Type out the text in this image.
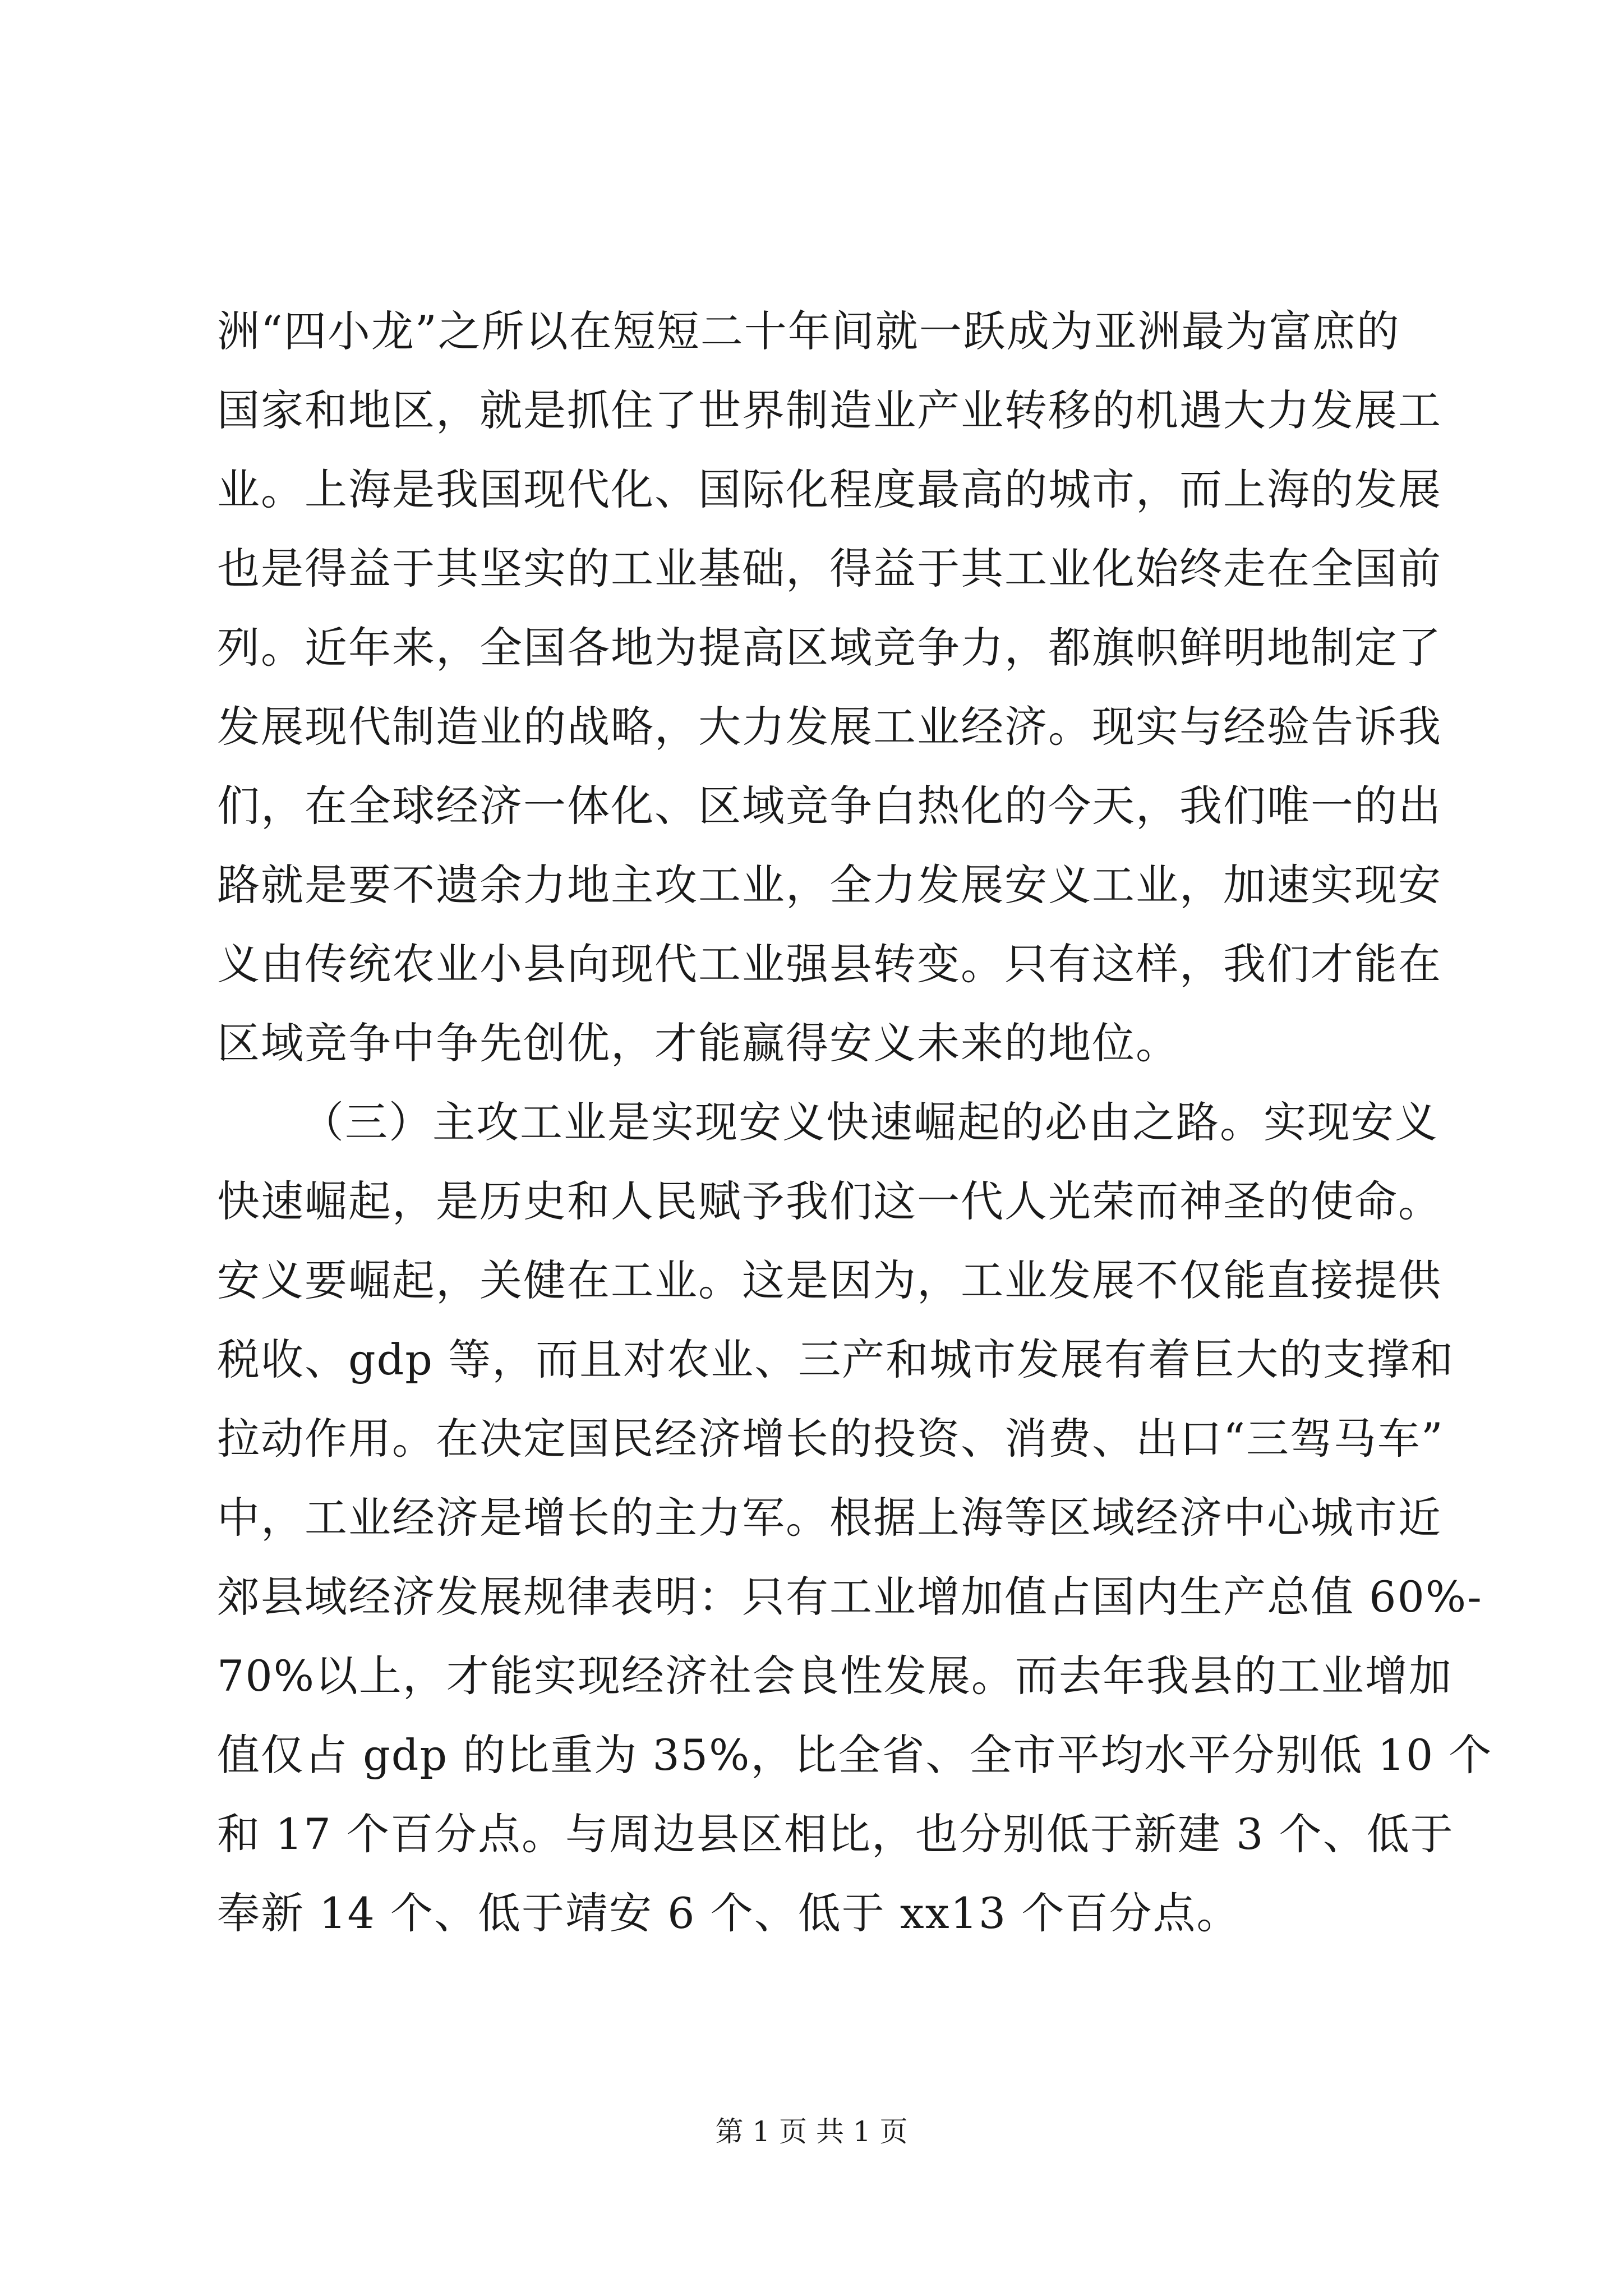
洲“四小龙”之所以在短短二十年间就一跃成为亚洲最为富庶的
国家和地区，就是抓住了世界制造业产业转移的机遇大力发展工
业。上海是我国现代化、国际化程度最高的城市，而上海的发展
也是得益于其坚实的工业基础，得益于其工业化始终走在全国前
列。近年来，全国各地为提高区域竞争力，都旗帜鲜明地制定了
发展现代制造业的战略，大力发展工业经济。现实与经验告诉我
们，在全球经济一体化、区域竞争白热化的今天，我们唯一的出
路就是要不遗余力地主攻工业，全力发展安义工业，加速实现安
义由传统农业小县向现代工业强县转变。只有这样，我们才能在
区域竞争中争先创优，才能赢得安义未来的地位。
（三）主攻工业是实现安义快速崛起的必由之路。实现安义
快速崛起，是历史和人民赋予我们这一代人光荣而神圣的使命。
安义要崛起，关健在工业。这是因为，工业发展不仅能直接提供
税收、gdp 等，而且对农业、三产和城市发展有着巨大的支撑和
拉动作用。在决定国民经济增长的投资、消费、出口“三驾马车”
中，工业经济是增长的主力军。根据上海等区域经济中心城市近
郊县域经济发展规律表明：只有工业增加值占国内生产总值 60%-
70%以上，才能实现经济社会良性发展。而去年我县的工业增加
值仅占 gdp 的比重为 35%，比全省、全市平均水平分别低 10 个
和 17 个百分点。与周边县区相比，也分别低于新建 3 个、低于
奉新 14 个、低于靖安 6 个、低于 xx13 个百分点。
第 1 页 共 1 页
